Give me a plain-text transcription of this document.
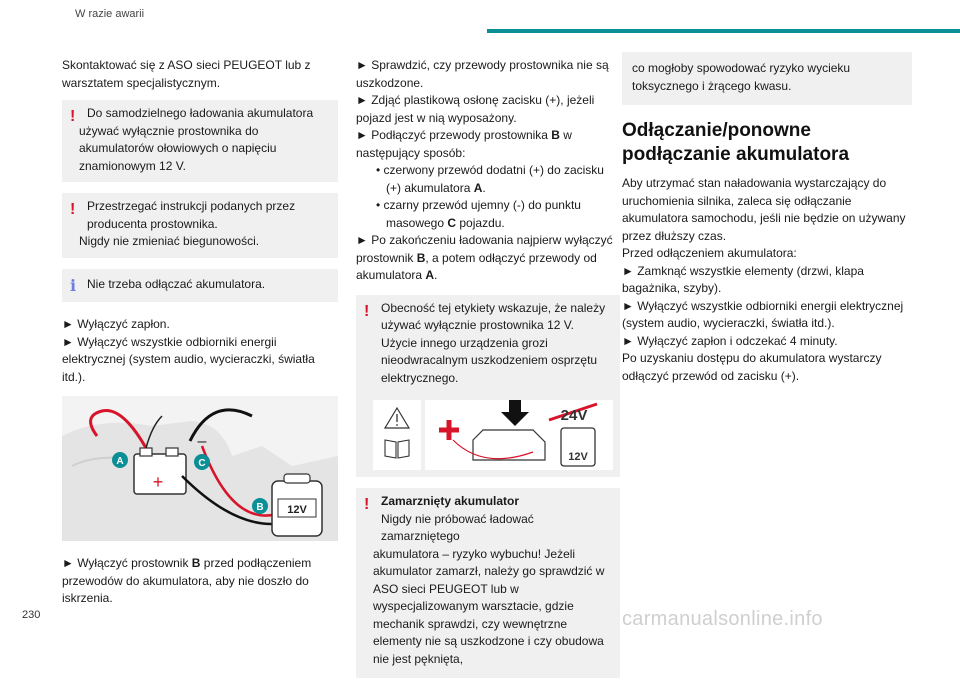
W razie awarii

Skontaktować się z ASO sieci PEUGEOT lub z warsztatem specjalistycznym.

! Do samodzielnego ładowania akumulatora
używać wyłącznie prostownika do akumulatorów ołowiowych o napięciu znamionowym 12 V.
! Przestrzegać instrukcji podanych przez
producenta prostownika.
Nigdy nie zmieniać biegunowości.
i Nie trzeba odłączać akumulatora.

► Wyłączyć zapłon.

► Wyłączyć wszystkie odbiorniki energii elektrycznej (system audio, wycieraczki, światła itd.).

12V
+
–
A	C
B

► Wyłączyć prostownik B przed podłączeniem przewodów do akumulatora, aby nie doszło do iskrzenia.

► Sprawdzić, czy przewody prostownika nie są uszkodzone.

► Zdjąć plastikową osłonę zacisku (+), jeżeli pojazd jest w nią wyposażony.

► Podłączyć przewody prostownika B w następujący sposób:

• czerwony przewód dodatni (+) do zacisku (+) akumulatora A.

• czarny przewód ujemny (-) do punktu masowego C pojazdu.

► Po zakończeniu ładowania najpierw wyłączyć prostownik B, a potem odłączyć przewody od akumulatora A.

! Obecność tej etykiety wskazuje, że należy
używać wyłącznie prostownika 12 V. Użycie innego urządzenia grozi nieodwracalnym uszkodzeniem osprzętu elektrycznego.
24V
12V
! Zamarznięty akumulator
Nigdy nie próbować ładować zamarzniętego
akumulatora – ryzyko wybuchu! Jeżeli akumulator zamarzł, należy go sprawdzić w ASO sieci PEUGEOT lub w wyspecjalizowanym warsztacie, gdzie mechanik sprawdzi, czy wewnętrzne elementy nie są uszkodzone i czy obudowa nie jest pęknięta,
co mogłoby spowodować ryzyko wycieku toksycznego i żrącego kwasu.
Odłączanie/ponowne podłączanie akumulatora

Aby utrzymać stan naładowania wystarczający do uruchomienia silnika, zaleca się odłączanie akumulatora samochodu, jeśli nie będzie on używany przez dłuższy czas.

Przed odłączeniem akumulatora:

► Zamknąć wszystkie elementy (drzwi, klapa bagażnika, szyby).

► Wyłączyć wszystkie odbiorniki energii elektrycznej (system audio, wycieraczki, światła itd.).

► Wyłączyć zapłon i odczekać 4 minuty.

Po uzyskaniu dostępu do akumulatora wystarczy odłączyć przewód od zacisku (+).

230	carmanualsonline.info
